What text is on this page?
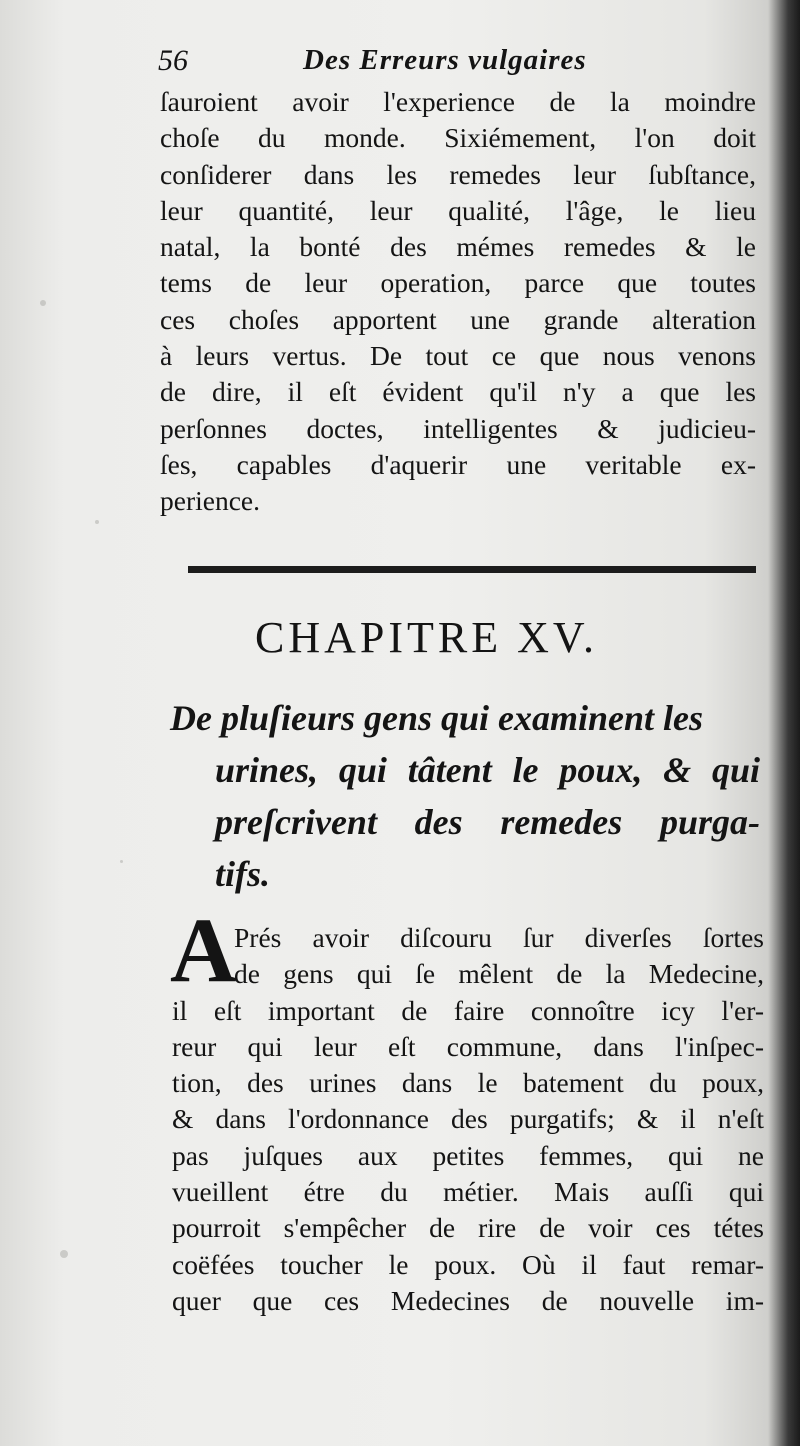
56	Des Erreurs vulgaires
ſauroient avoir l'experience de la moindre
choſe du monde. Sixiémement, l'on doit
conſiderer dans les remedes leur ſubſtance,
leur quantité, leur qualité, l'âge, le lieu
natal, la bonté des mémes remedes & le
tems de leur operation, parce que toutes
ces choſes apportent une grande alteration
à leurs vertus. De tout ce que nous venons
de dire, il eſt évident qu'il n'y a que les
perſonnes doctes, intelligentes & judicieu-
ſes, capables d'aquerir une veritable ex-
perience.
CHAPITRE XV.
De pluſieurs gens qui examinent les
urines, qui tâtent le poux, & qui
preſcrivent des remedes purga-
tifs.
A
Prés avoir diſcouru ſur diverſes ſortes
de gens qui ſe mêlent de la Medecine,
il eſt important de faire connoître icy l'er-
reur qui leur eſt commune, dans l'inſpec-
tion, des urines dans le batement du poux,
& dans l'ordonnance des purgatifs; & il n'eſt
pas juſques aux petites femmes, qui ne
vueillent étre du métier. Mais auſſi qui
pourroit s'empêcher de rire de voir ces tétes
coëfées toucher le poux. Où il faut remar-
quer que ces Medecines de nouvelle im-
